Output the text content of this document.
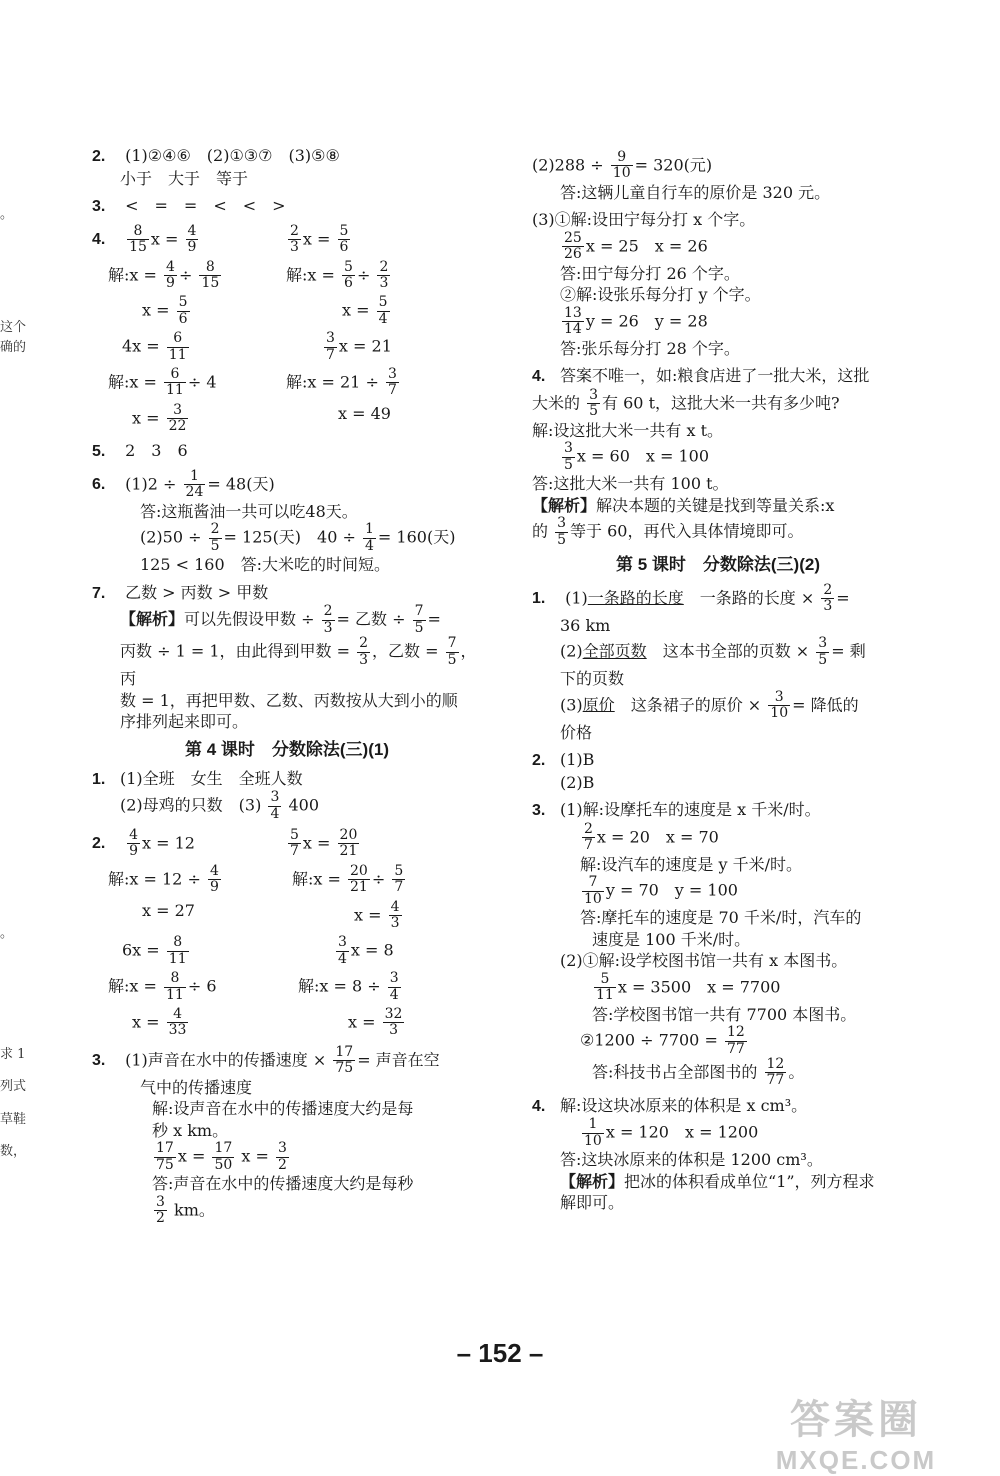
。
这个
确的
。
求 1
列式
草鞋
数，
2. (1)②④⑥　(2)①③⑦　(3)⑤⑧
小于　大于　等于
3. <　=　=　<　<　>
4. $\frac{8}{15}$ $x = \frac{4}{9}$	$\frac{2}{3}$ $x = \frac{5}{6}$
解:x = $\frac{4}{9} \div \frac{8}{15}$	解:x = $\frac{5}{6} \div \frac{2}{3}$
$x = \frac{5}{6}$	$x = \frac{5}{4}$
$4x = \frac{6}{11}$	$\frac{3}{7}$ x = 21
解:x = $\frac{6}{11} \div 4$	解:x = $21 \div \frac{3}{7}$
$x = \frac{3}{22}$	x = 49
5. 2　3　6
6. $(1)2 \div \frac{1}{24} = 48$(天)
答:这瓶酱油一共可以吃48天。
$(2)50 \div \frac{2}{5} = 125$(天)　$40 \div \frac{1}{4} = 160$(天)
125 < 160　答:大米吃的时间短。
7. 乙数 > 丙数 > 甲数
【解析】可以先假设甲数 ÷ $\frac{2}{3}$ = 乙数 ÷ $\frac{7}{5}$ =
丙数 ÷ 1 = 1，由此得到甲数 = $\frac{2}{3}$ ，乙数 = $\frac{7}{5}$ ，丙
数 = 1，再把甲数、乙数、丙数按从大到小的顺
序排列起来即可。
第 4 课时　分数除法(三)(1)
1. (1)全班　女生　全班人数
(2)母鸡的只数　$(3) \frac{3}{4} 400$
2. $\frac{4}{9}$ x = 12	$\frac{5}{7}$ $x = \frac{20}{21}$
解:x = $12 \div \frac{4}{9}$	解:x = $\frac{20}{21} \div \frac{5}{7}$
x = 27	$x = \frac{4}{3}$
$6x = \frac{8}{11}$	$\frac{3}{4}$ x = 8
解:x = $\frac{8}{11} \div 6$	解:x = $8 \div \frac{3}{4}$
$x = \frac{4}{33}$	$x = \frac{32}{3}$
3. (1)声音在水中的传播速度 × $\frac{17}{75}$ = 声音在空
气中的传播速度
解:设声音在水中的传播速度大约是每
秒 x km。
$\frac{17}{75}$ $x = \frac{17}{50}$ $x = \frac{3}{2}$
答:声音在水中的传播速度大约是每秒
$\frac{3}{2}$ km。
$(2)288 \div \frac{9}{10} = 320$(元)
答:这辆儿童自行车的原价是 320 元。
(3)①解:设田宁每分打 x 个字。
$\frac{25}{26}$ x = 25　x = 26
答:田宁每分打 26 个字。
②解:设张乐每分打 y 个字。
$\frac{13}{14}$ y = 26　y = 28
答:张乐每分打 28 个字。
4. 答案不唯一，如:粮食店进了一批大米，这批
大米的 $\frac{3}{5}$ 有 60 t，这批大米一共有多少吨?
解:设这批大米一共有 x t。
$\frac{3}{5}$ x = 60　x = 100
答:这批大米一共有 100 t。
【解析】解决本题的关键是找到等量关系:x
的 $\frac{3}{5}$ 等于 60，再代入具体情境即可。
第 5 课时　分数除法(三)(2)
1. (1)一条路的长度　一条路的长度 × $\frac{2}{3}$ =
36 km
(2)全部页数　这本书全部的页数 × $\frac{3}{5}$ = 剩
下的页数
(3)原价　这条裙子的原价 × $\frac{3}{10}$ = 降低的
价格
2. (1)B
(2)B
3. (1)解:设摩托车的速度是 x 千米/时。
$\frac{2}{7}$ x = 20　x = 70
解:设汽车的速度是 y 千米/时。
$\frac{7}{10}$ y = 70　y = 100
答:摩托车的速度是 70 千米/时，汽车的
速度是 100 千米/时。
(2)①解:设学校图书馆一共有 x 本图书。
$\frac{5}{11}$ x = 3500　x = 7700
答:学校图书馆一共有 7700 本图书。
②1200 ÷ $7700 = \frac{12}{77}$
答:科技书占全部图书的 $\frac{12}{77}$ 。
4. 解:设这块冰原来的体积是 x cm³。
$\frac{1}{10}$ x = 120　x = 1200
答:这块冰原来的体积是 1200 cm³。
【解析】把冰的体积看成单位“1”，列方程求
解即可。
– 152 –
答案圈
MXQE.COM
